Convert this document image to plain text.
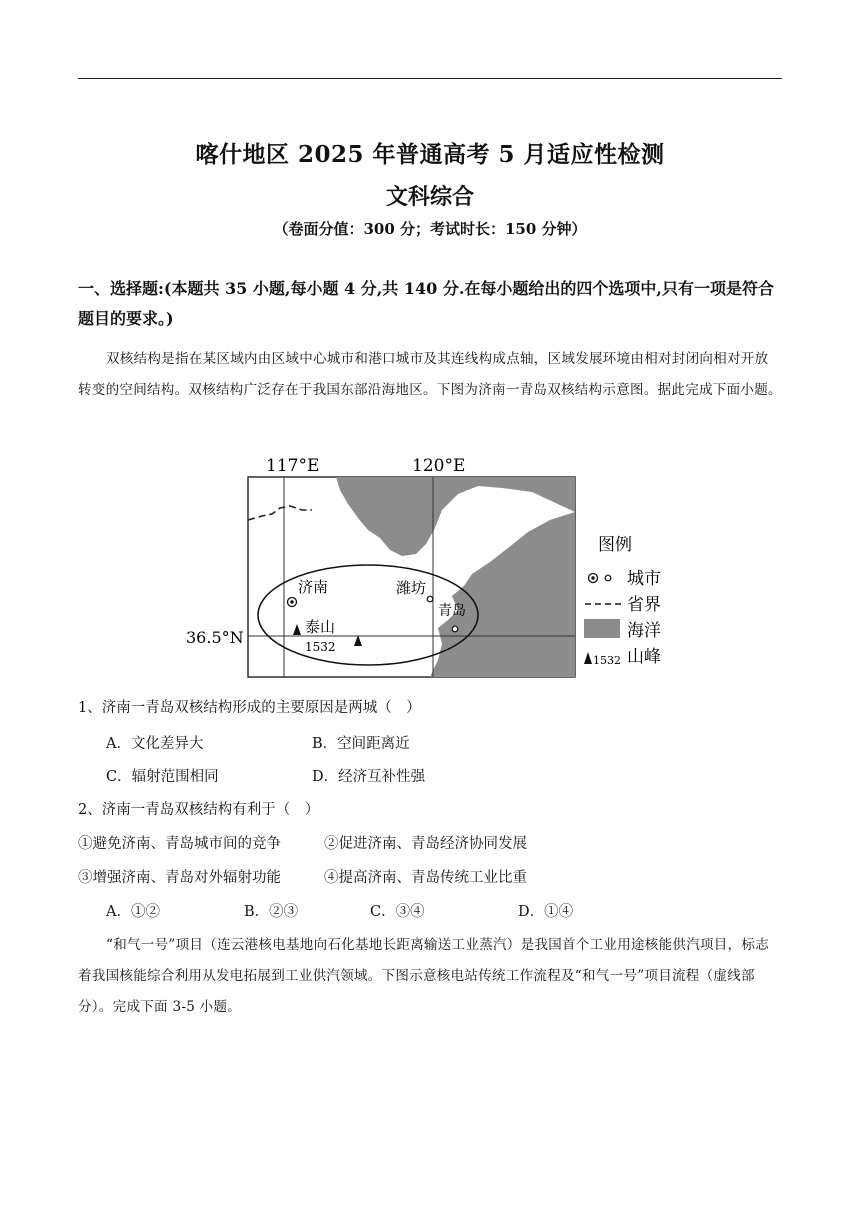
喀什地区 2025 年普通高考 5 月适应性检测
文科综合
（卷面分值：300 分；考试时长：150 分钟）
一、选择题:(本题共 35 小题,每小题 4 分,共 140 分.在每小题给出的四个选项中,只有一项是符合题目的要求。)
双核结构是指在某区域内由区域中心城市和港口城市及其连线构成点轴，区域发展环境由相对封闭向相对开放转变的空间结构。双核结构广泛存在于我国东部沿海地区。下图为济南一青岛双核结构示意图。据此完成下面小题。
117°E	120°E
36.5°N
济南	潍坊
青岛
泰山
1532
图例
城市
省界
海洋
1532 山峰
1、济南一青岛双核结构形成的主要原因是两城（　）
A．文化差异大	B．空间距离近
C．辐射范围相同	D．经济互补性强
2、济南一青岛双核结构有利于（　）
①避免济南、青岛城市间的竞争	②促进济南、青岛经济协同发展
③增强济南、青岛对外辐射功能	④提高济南、青岛传统工业比重
A．①②	B．②③	C．③④	D．①④
“和气一号”项目（连云港核电基地向石化基地长距离输送工业蒸汽）是我国首个工业用途核能供汽项目，标志着我国核能综合利用从发电拓展到工业供汽领域。下图示意核电站传统工作流程及“和气一号”项目流程（虚线部分）。完成下面 3-5 小题。
